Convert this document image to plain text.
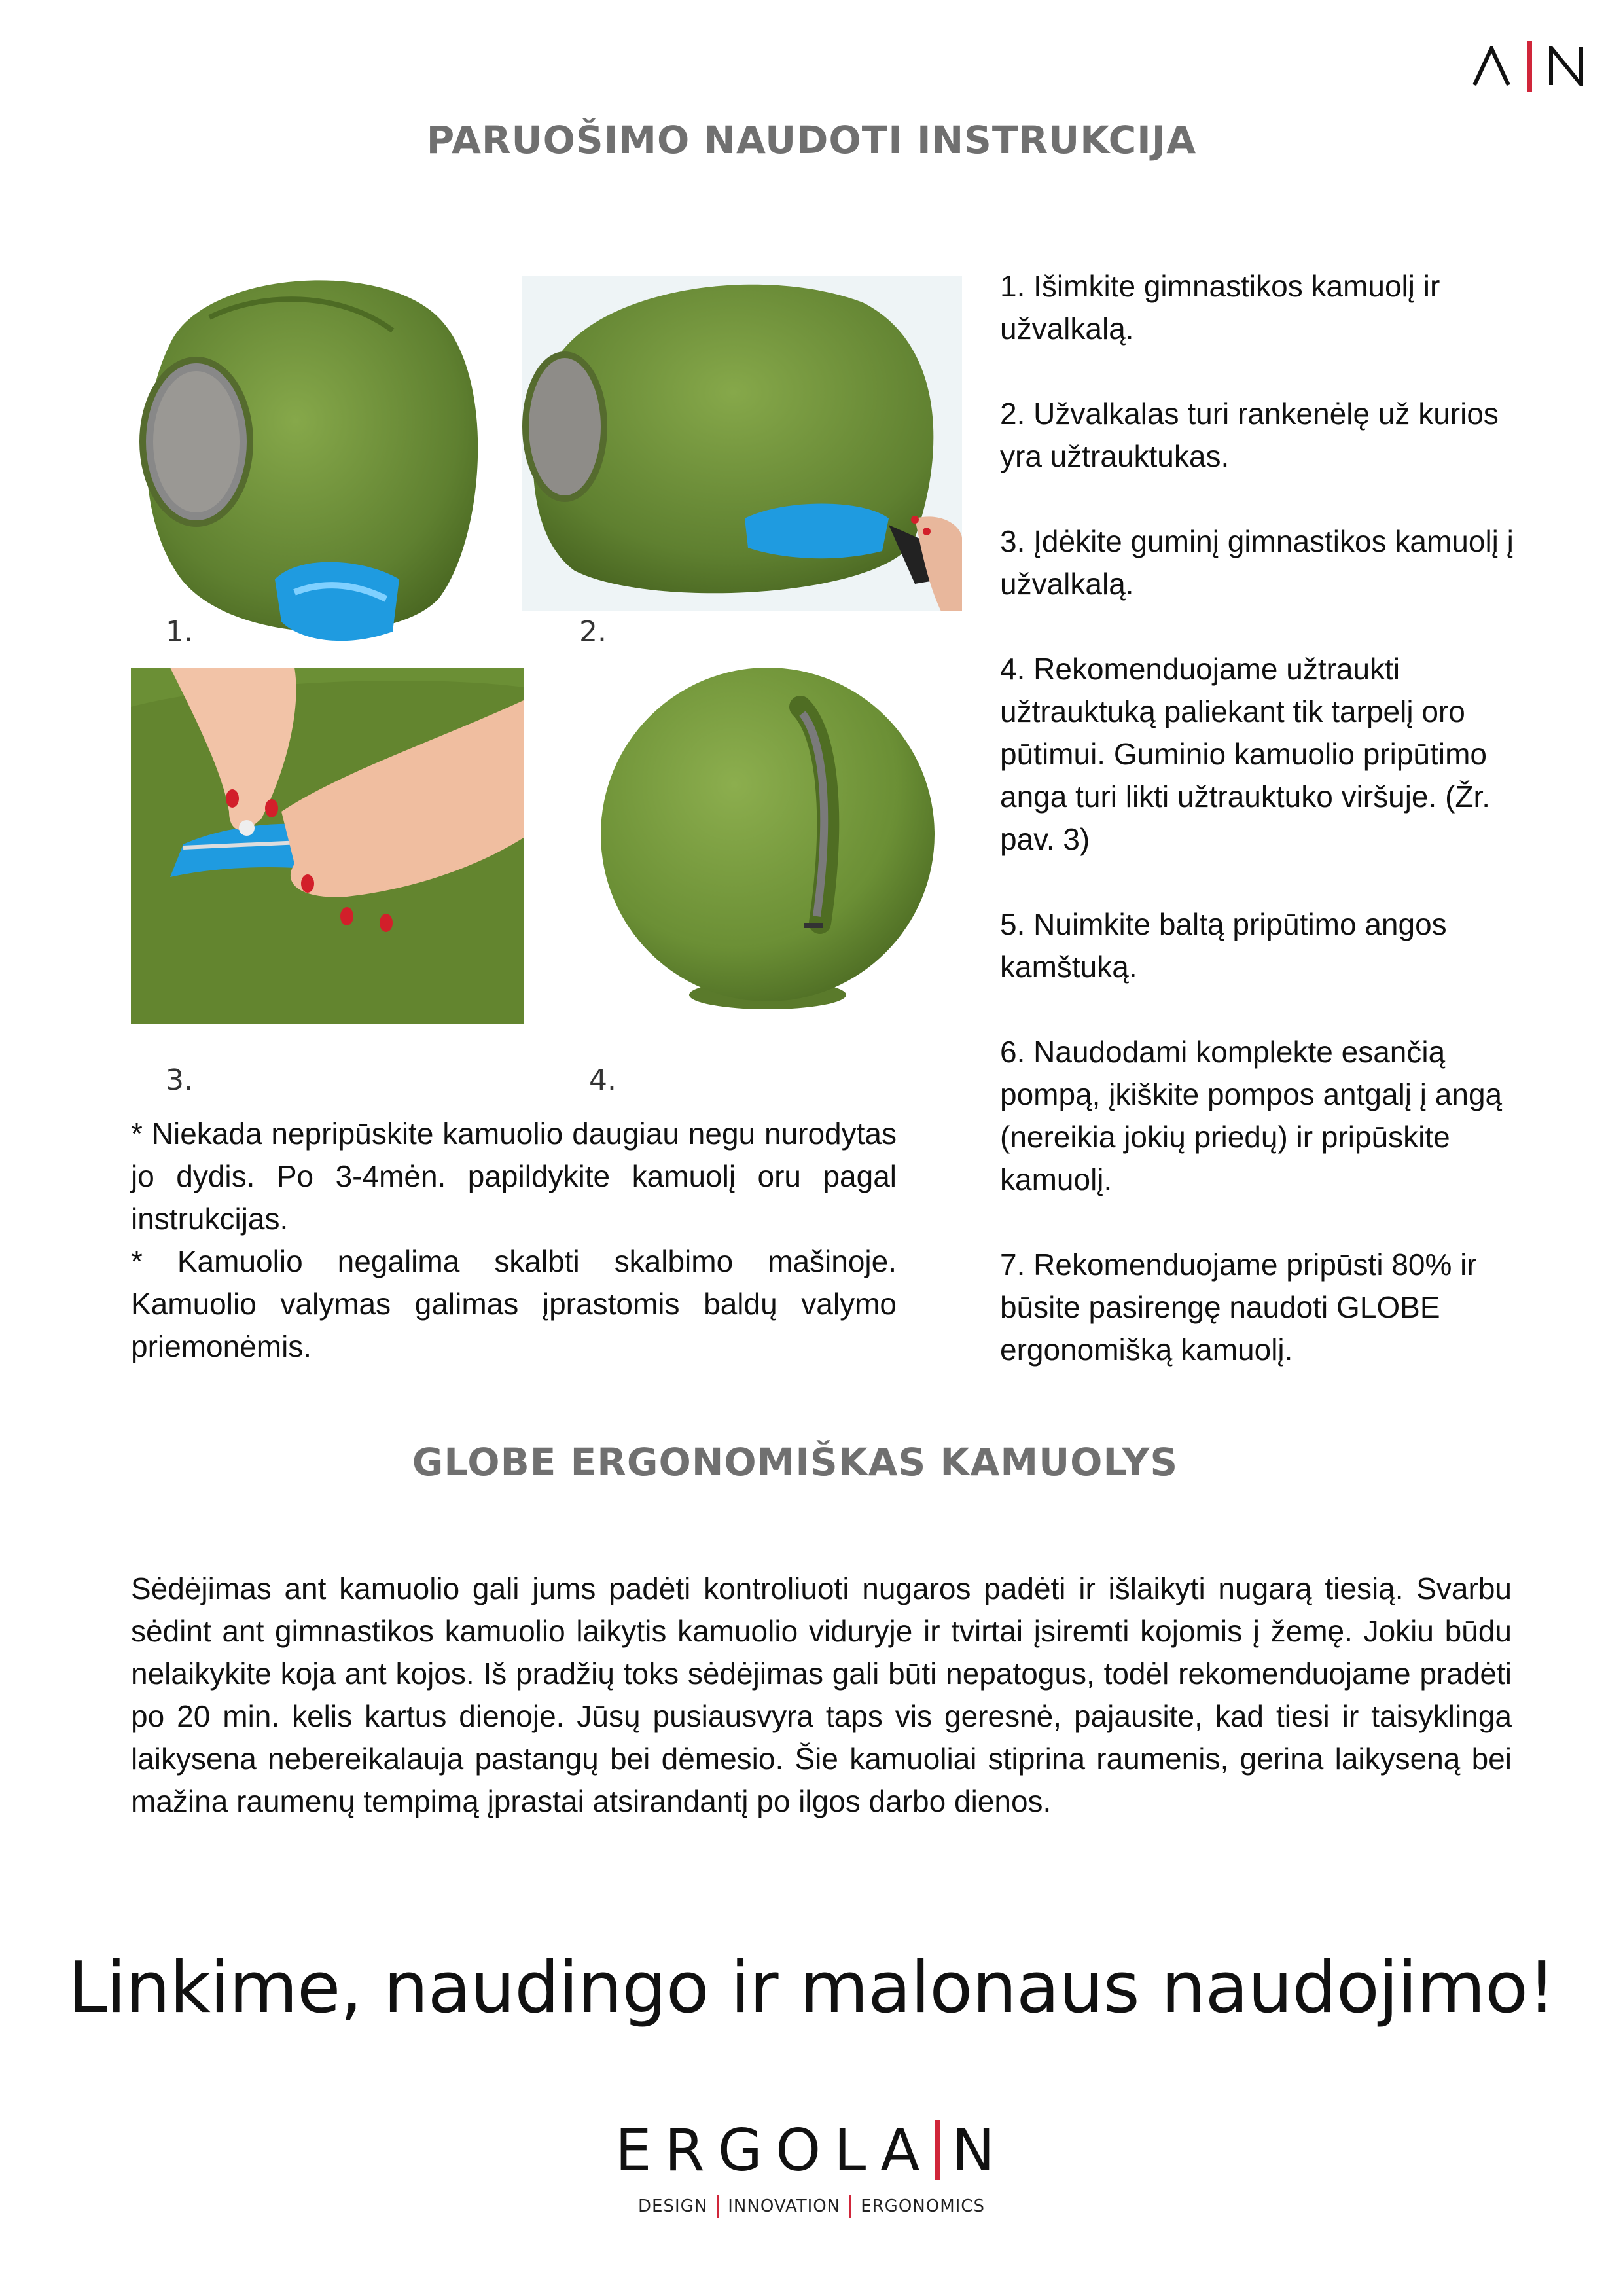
PARUOŠIMO NAUDOTI INSTRUKCIJA
1.	2.
3.	4.

1. Išimkite gimnastikos kamuolį ir užvalkalą.

2. Užvalkalas turi rankenėlę už kurios yra užtrauktukas.

3. Įdėkite guminį gimnastikos kamuolį į užvalkalą.

4. Rekomenduojame užtraukti užtrauktuką paliekant tik tarpelį oro pūtimui. Guminio kamuolio pripūtimo anga turi likti užtrauktuko viršuje. (Žr. pav. 3)

5. Nuimkite baltą pripūtimo angos kamštuką.

6. Naudodami komplekte esančią pompą, įkiškite pompos antgalį į angą (nereikia jokių priedų) ir pripūskite kamuolį.

7. Rekomenduojame pripūsti 80% ir būsite pasirengę naudoti GLOBE ergonomišką kamuolį.

* Niekada nepripūskite kamuolio daugiau negu nurodytas jo dydis. Po 3-4mėn. papildykite kamuolį oru pagal instrukcijas.

* Kamuolio negalima skalbti skalbimo mašinoje. Kamuolio valymas galimas įprastomis baldų valymo priemonėmis.

GLOBE ERGONOMIŠKAS KAMUOLYS

Sėdėjimas ant kamuolio gali jums padėti kontroliuoti nugaros padėti ir išlaikyti nugarą tiesią. Svarbu sėdint ant gimnastikos kamuolio laikytis kamuolio viduryje ir tvirtai įsiremti kojomis į žemę. Jokiu būdu nelaikykite koja ant kojos. Iš pradžių toks sėdėjimas gali būti nepatogus, todėl rekomenduojame pradėti po 20 min. kelis kartus dienoje. Jūsų pusiausvyra taps vis geresnė, pajausite, kad tiesi ir taisyklinga laikysena nebereikalauja pastangų bei dėmesio. Šie kamuoliai stiprina raumenis, gerina laikyseną bei mažina raumenų tempimą įprastai atsirandantį po ilgos darbo dienos.

Linkime, naudingo ir malonaus naudojimo!
ERGOLA N
DESIGN INNOVATION ERGONOMICS
